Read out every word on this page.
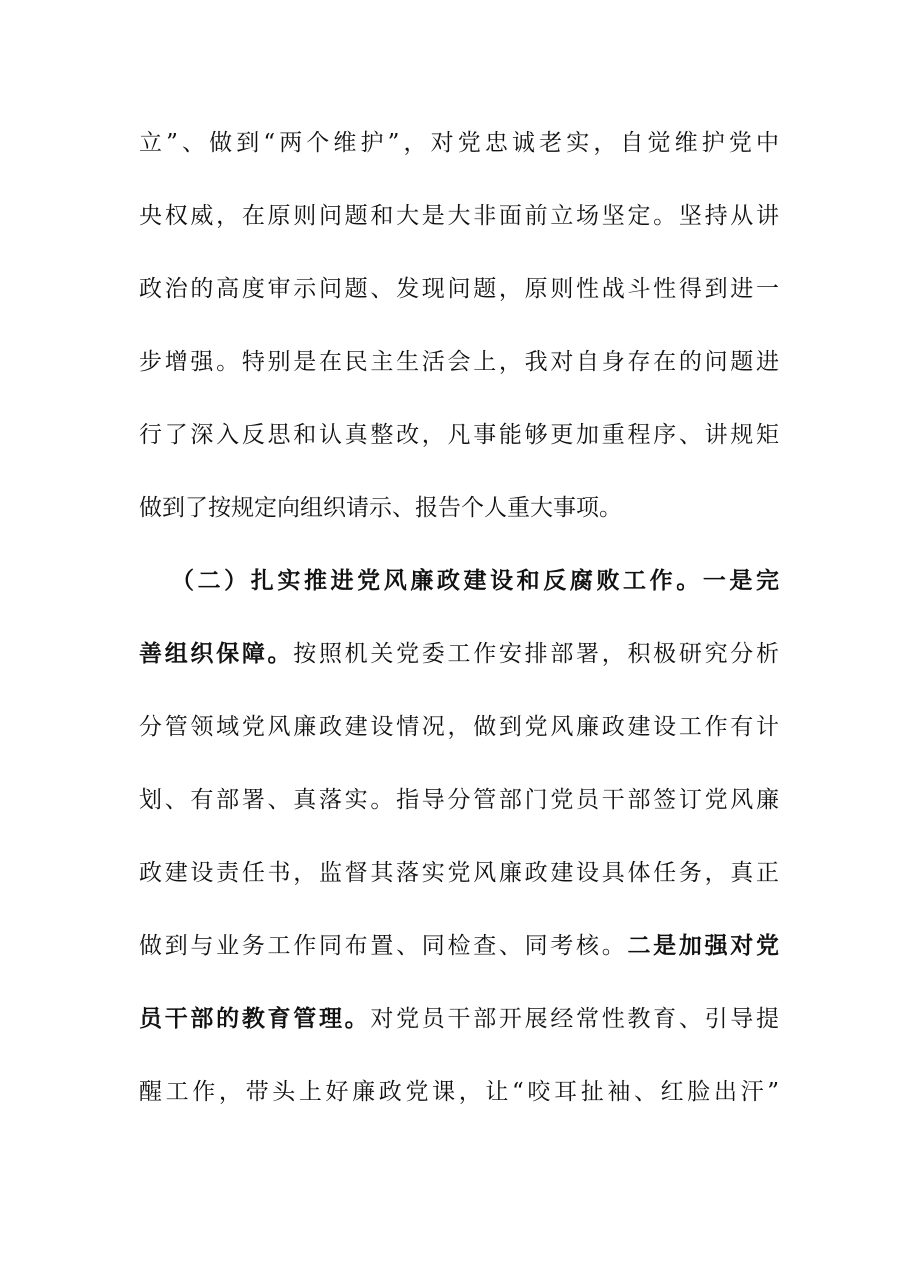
立”、做到“两个维护”，对党忠诚老实，自觉维护党中
央权威，在原则问题和大是大非面前立场坚定。坚持从讲
政治的高度审示问题、发现问题，原则性战斗性得到进一
步增强。特别是在民主生活会上，我对自身存在的问题进
行了深入反思和认真整改，凡事能够更加重程序、讲规矩
做到了按规定向组织请示、报告个人重大事项。
（二）扎实推进党风廉政建设和反腐败工作。一是完
善组织保障。按照机关党委工作安排部署，积极研究分析
分管领域党风廉政建设情况，做到党风廉政建设工作有计
划、有部署、真落实。指导分管部门党员干部签订党风廉
政建设责任书，监督其落实党风廉政建设具体任务，真正
做到与业务工作同布置、同检查、同考核。二是加强对党
员干部的教育管理。对党员干部开展经常性教育、引导提
醒工作，带头上好廉政党课，让“咬耳扯袖、红脸出汗”
